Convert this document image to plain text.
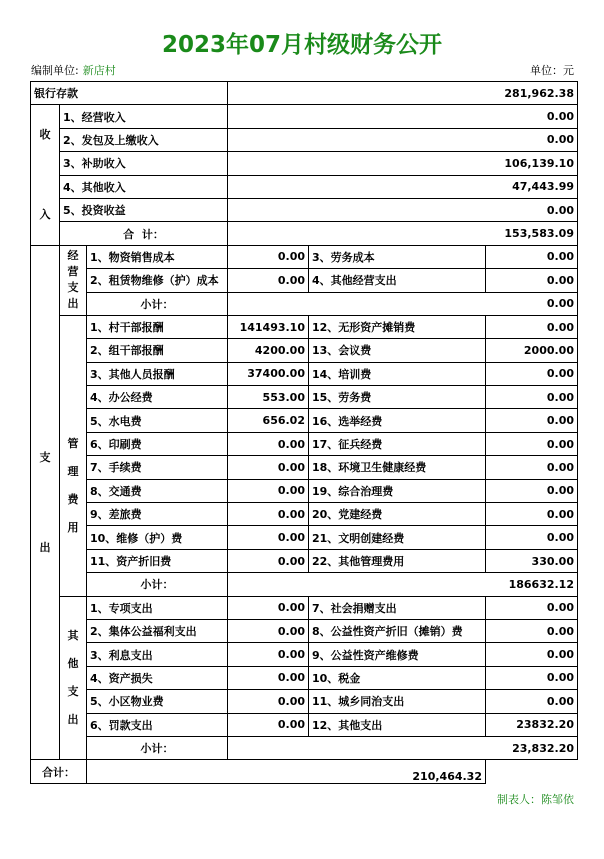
2023年07月村级财务公开
编制单位: 新店村	单位：元
银行存款			281,962.38		

收
入	1、经营收入		0.00		
	2、发包及上缴收入		0.00		
	3、补助收入		106,139.10		
	4、其他收入		47,443.99		
	5、投资收益		0.00		
	合  计：		153,583.09		

支
出	经
营
支
出	1、物资销售成本	0.00	3、劳务成本	0.00
		2、租赁物维修（护）成本	0.00	4、其他经营支出	0.00
		小计：	0.00		

	管
理
费
用	1、村干部报酬	141493.10	12、无形资产摊销费	0.00
		2、组干部报酬	4200.00	13、会议费	2000.00
		3、其他人员报酬	37400.00	14、培训费	0.00
		4、办公经费	553.00	15、劳务费	0.00
		5、水电费	656.02	16、选举经费	0.00
		6、印刷费	0.00	17、征兵经费	0.00
		7、手续费	0.00	18、环境卫生健康经费	0.00
		8、交通费	0.00	19、综合治理费	0.00
		9、差旅费	0.00	20、党建经费	0.00
		10、维修（护）费	0.00	21、文明创建经费	0.00
		11、资产折旧费	0.00	22、其他管理费用	330.00
		小计：	186632.12		

	其
他
支
出	1、专项支出	0.00	7、社会捐赠支出	0.00
		2、集体公益福利支出	0.00	8、公益性资产折旧（摊销）费	0.00
		3、利息支出	0.00	9、公益性资产维修费	0.00
		4、资产损失	0.00	10、税金	0.00
		5、小区物业费	0.00	11、城乡同治支出	0.00
		6、罚款支出	0.00	12、其他支出	23832.20
		小计：	23,832.20		
合计：		210,464.32			
制表人：陈邹依
